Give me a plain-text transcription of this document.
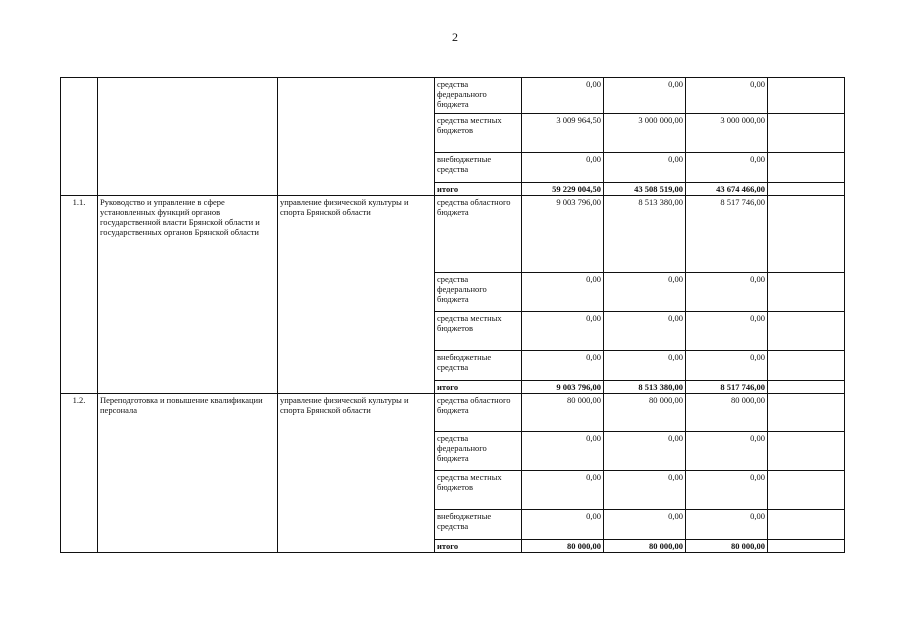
2
			средства федерального бюджета	0,00	0,00	0,00	
			средства местных бюджетов	3 009 964,50	3 000 000,00	3 000 000,00	
			внебюджетные средства	0,00	0,00	0,00	
			итого	59 229 004,50	43 508 519,00	43 674 466,00	
1.1.	Руководство и управление в сфере установленных функций органов государственной власти Брянской области и государственных органов Брянской области	управление физической культуры и спорта Брянской области	средства областного бюджета	9 003 796,00	8 513 380,00	8 517 746,00	
			средства федерального бюджета	0,00	0,00	0,00	
			средства местных бюджетов	0,00	0,00	0,00	
			внебюджетные средства	0,00	0,00	0,00	
			итого	9 003 796,00	8 513 380,00	8 517 746,00	
1.2.	Переподготовка и повышение квалификации персонала	управление физической культуры и спорта Брянской области	средства областного бюджета	80 000,00	80 000,00	80 000,00	
			средства федерального бюджета	0,00	0,00	0,00	
			средства местных бюджетов	0,00	0,00	0,00	
			внебюджетные средства	0,00	0,00	0,00	
			итого	80 000,00	80 000,00	80 000,00	
